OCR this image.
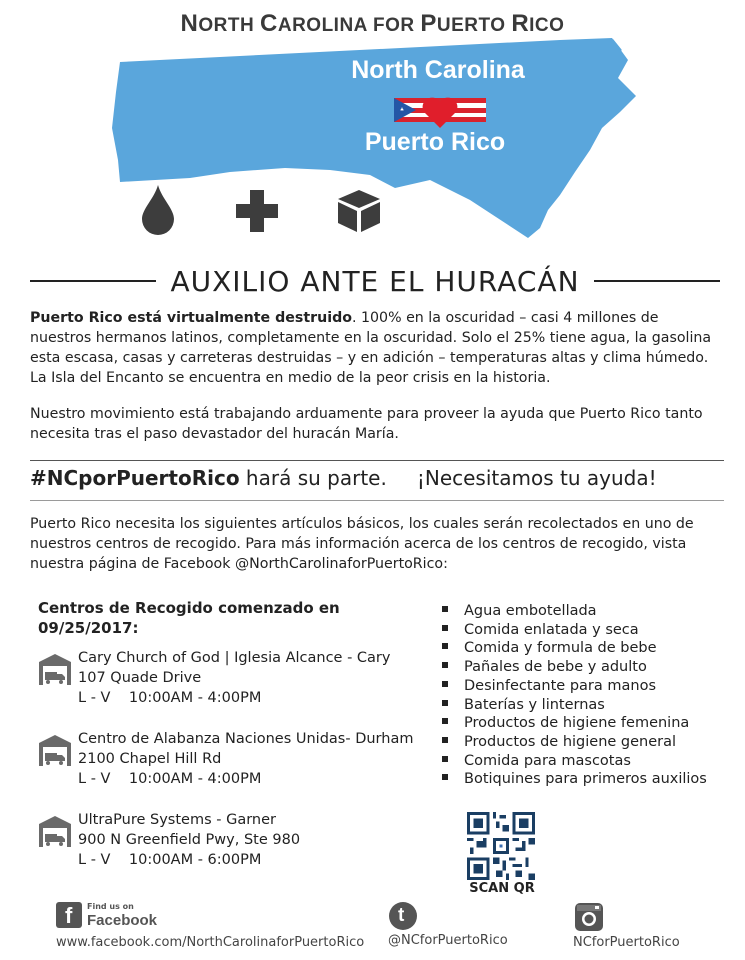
NORTH CAROLINA FOR PUERTO RICO
North Carolina
Puerto Rico
AUXILIO ANTE EL HURACÁN
Puerto Rico está virtualmente destruido. 100% en la oscuridad – casi 4 millones de nuestros hermanos latinos, completamente en la oscuridad. Solo el 25% tiene agua, la gasolina esta escasa, casas y carreteras destruidas – y en adición – temperaturas altas y clima húmedo. La Isla del Encanto se encuentra en medio de la peor crisis en la historia.
Nuestro movimiento está trabajando arduamente para proveer la ayuda que Puerto Rico tanto necesita tras el paso devastador del huracán María.
#NCporPuertoRico hará su parte. ¡Necesitamos tu ayuda!
Puerto Rico necesita los siguientes artículos básicos, los cuales serán recolectados en uno de nuestros centros de recogido. Para más información acerca de los centros de recogido, vista nuestra página de Facebook @NorthCarolinaforPuertoRico:
Centros de Recogido comenzado en
09/25/2017:
Cary Church of God | Iglesia Alcance - Cary
107 Quade Drive
L - V    10:00AM - 4:00PM
Centro de Alabanza Naciones Unidas- Durham
2100 Chapel Hill Rd
L - V    10:00AM - 4:00PM
UltraPure Systems - Garner
900 N Greenfield Pwy, Ste 980
L - V    10:00AM - 6:00PM
Agua embotellada
Comida enlatada y seca
Comida y formula de bebe
Pañales de bebe y adulto
Desinfectante para manos
Baterías y linternas
Productos de higiene femenina
Productos de higiene general
Comida para mascotas
Botiquines para primeros auxilios
SCAN QR
f Find us on
Facebook
www.facebook.com/NorthCarolinaforPuertoRico
t
@NCforPuertoRico	NCforPuertoRico
